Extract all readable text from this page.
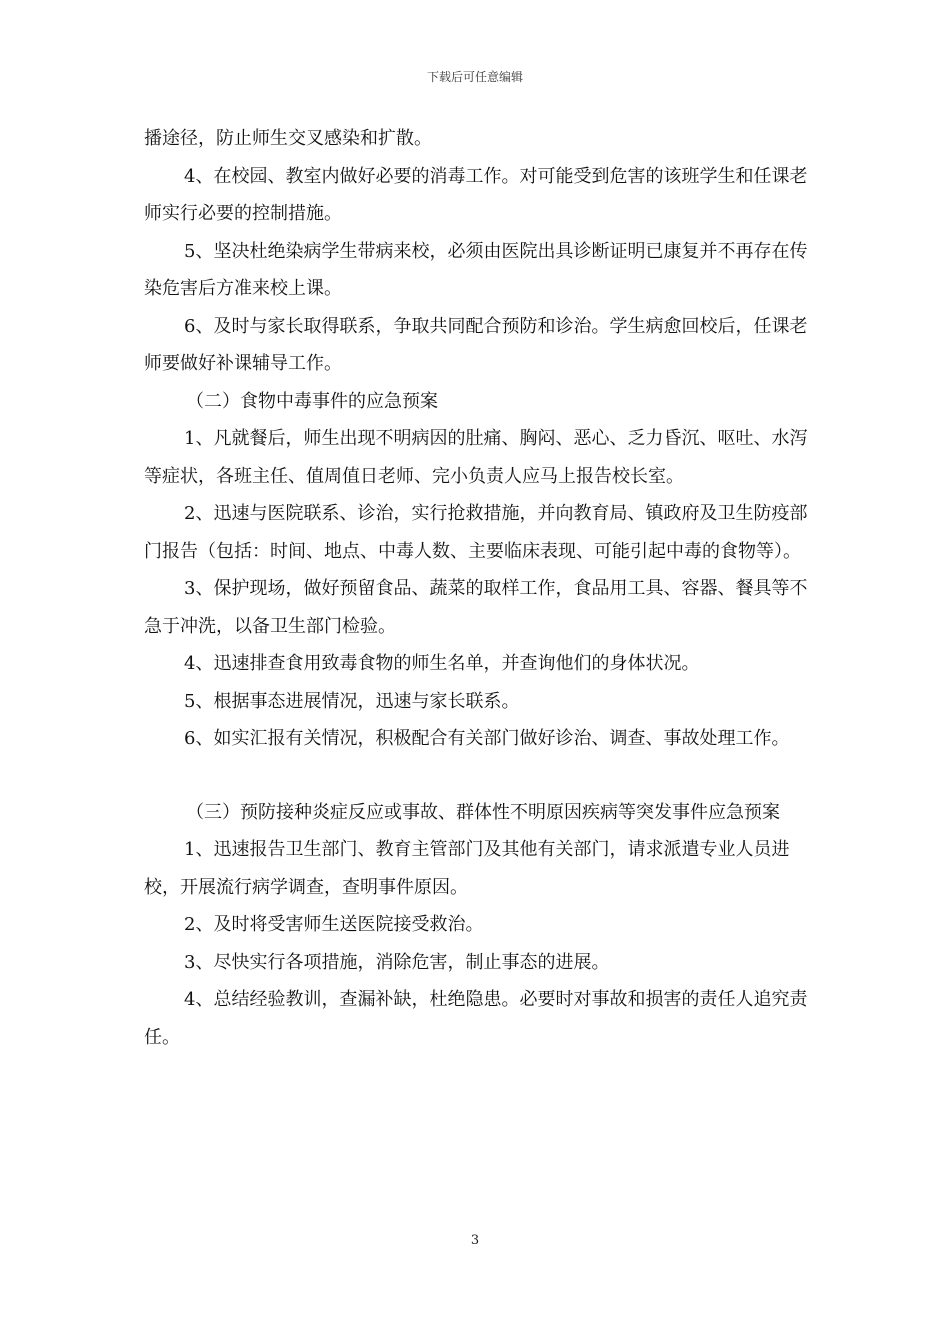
下载后可任意编辑

播途径，防止师生交叉感染和扩散。

4、在校园、教室内做好必要的消毒工作。对可能受到危害的该班学生和任课老师实行必要的控制措施。

5、坚决杜绝染病学生带病来校，必须由医院出具诊断证明已康复并不再存在传染危害后方准来校上课。

6、及时与家长取得联系，争取共同配合预防和诊治。学生病愈回校后，任课老师要做好补课辅导工作。

（二）食物中毒事件的应急预案

1、凡就餐后，师生出现不明病因的肚痛、胸闷、恶心、乏力昏沉、呕吐、水泻等症状，各班主任、值周值日老师、完小负责人应马上报告校长室。

2、迅速与医院联系、诊治，实行抢救措施，并向教育局、镇政府及卫生防疫部门报告（包括：时间、地点、中毒人数、主要临床表现、可能引起中毒的食物等）。

3、保护现场，做好预留食品、蔬菜的取样工作，食品用工具、容器、餐具等不急于冲洗，以备卫生部门检验。

4、迅速排查食用致毒食物的师生名单，并查询他们的身体状况。

5、根据事态进展情况，迅速与家长联系。

6、如实汇报有关情况，积极配合有关部门做好诊治、调查、事故处理工作。

（三）预防接种炎症反应或事故、群体性不明原因疾病等突发事件应急预案

1、迅速报告卫生部门、教育主管部门及其他有关部门，请求派遣专业人员进校，开展流行病学调查，查明事件原因。

2、及时将受害师生送医院接受救治。

3、尽快实行各项措施，消除危害，制止事态的进展。

4、总结经验教训，查漏补缺，杜绝隐患。必要时对事故和损害的责任人追究责任。

3
